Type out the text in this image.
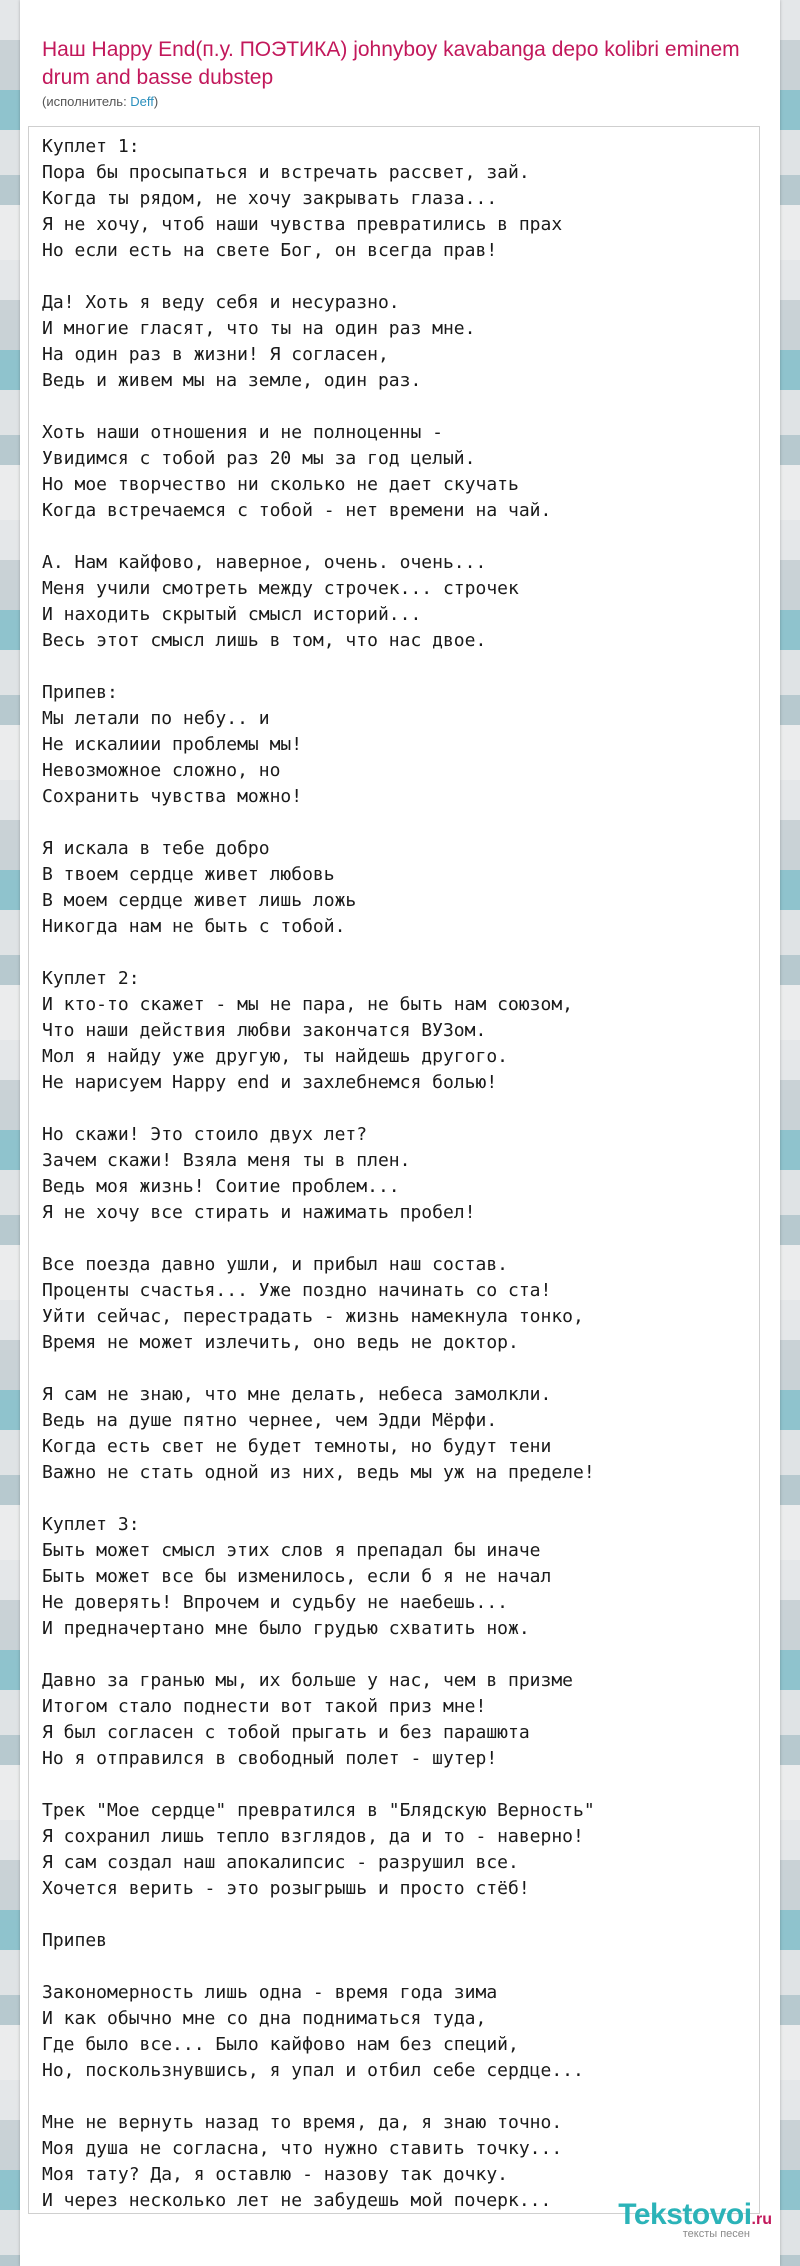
Наш Happy End(п.у. ПОЭТИКА) johnyboy kavabanga depo kolibri eminem drum and basse dubstep
(исполнитель: Deff)
Куплет 1:
Пора бы просыпаться и встречать рассвет, зай.
Когда ты рядом, не хочу закрывать глаза...
Я не хочу, чтоб наши чувства превратились в прах
Но если есть на свете Бог, он всегда прав!

Да! Хоть я веду себя и несуразно.
И многие гласят, что ты на один раз мне.
На один раз в жизни! Я согласен,
Ведь и живем мы на земле, один раз.

Хоть наши отношения и не полноценны -
Увидимся с тобой раз 20 мы за год целый.
Но мое творчество ни сколько не дает скучать
Когда встречаемся с тобой - нет времени на чай.

А. Нам кайфово, наверное, очень. очень...
Меня учили смотреть между строчек... строчек
И находить скрытый смысл историй...
Весь этот смысл лишь в том, что нас двое.

Припев:
Мы летали по небу.. и
Не искалиии проблемы мы!
Невозможное сложно, но
Сохранить чувства можно!

Я искала в тебе добро
В твоем сердце живет любовь
В моем сердце живет лишь ложь
Никогда нам не быть с тобой.

Куплет 2:
И кто-то скажет - мы не пара, не быть нам союзом,
Что наши действия любви закончатся ВУЗом.
Мол я найду уже другую, ты найдешь другого.
Не нарисуем Happy end и захлебнемся болью!

Но скажи! Это стоило двух лет?
Зачем скажи! Взяла меня ты в плен.
Ведь моя жизнь! Соитие проблем...
Я не хочу все стирать и нажимать пробел!

Все поезда давно ушли, и прибыл наш состав.
Проценты счастья... Уже поздно начинать со ста!
Уйти сейчас, перестрадать - жизнь намекнула тонко,
Время не может излечить, оно ведь не доктор.

Я сам не знаю, что мне делать, небеса замолкли.
Ведь на душе пятно чернее, чем Эдди Мёрфи.
Когда есть свет не будет темноты, но будут тени
Важно не стать одной из них, ведь мы уж на пределе!

Куплет 3:
Быть может смысл этих слов я препадал бы иначе
Быть может все бы изменилось, если б я не начал
Не доверять! Впрочем и судьбу не наебешь...
И предначертано мне было грудью схватить нож.

Давно за гранью мы, их больше у нас, чем в призме
Итогом стало поднести вот такой приз мне!
Я был согласен с тобой прыгать и без парашюта
Но я отправился в свободный полет - шутер!

Трек "Мое сердце" превратился в "Блядскую Верность"
Я сохранил лишь тепло взглядов, да и то - наверно!
Я сам создал наш апокалипсис - разрушил все.
Хочется верить - это розыгрышь и просто стёб!

Припев

Закономерность лишь одна - время года зима
И как обычно мне со дна подниматься туда,
Где было все... Было кайфово нам без специй,
Но, поскользнувшись, я упал и отбил себе сердце...

Мне не вернуть назад то время, да, я знаю точно.
Моя душа не согласна, что нужно ставить точку...
Моя тату? Да, я оставлю - назову так дочку.
И через несколько лет не забудешь мой почерк...	Tekstovoi.ru
тексты песен
